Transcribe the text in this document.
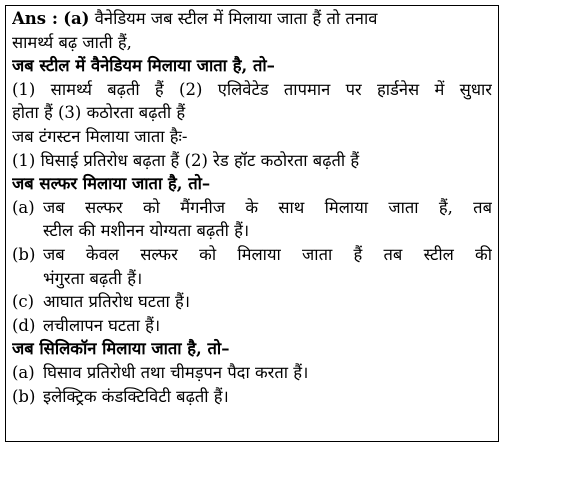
Ans : (a) वैनेडियम जब स्टील में मिलाया जाता हैं तो तनाव
सामर्थ्य बढ़ जाती हैं,
जब स्टील में वैनेडियम मिलाया जाता है, तो–
(1) सामर्थ्य बढ़ती हैं (2) एलिवेटेड तापमान पर हार्डनेस में सुधार
होता हैं (3) कठोरता बढ़ती हैं
जब टंगस्टन मिलाया जाता हैः-
(1) घिसाई प्रतिरोध बढ़ता हैं (2) रेड हॉट कठोरता बढ़ती हैं
जब सल्फर मिलाया जाता है, तो–
(a) जब सल्फर को मैंगनीज के साथ मिलाया जाता हैं, तब
स्टील की मशीनन योग्यता बढ़ती हैं।
(b) जब केवल सल्फर को मिलाया जाता हैं तब स्टील की
भंगुरता बढ़ती हैं।
(c) आघात प्रतिरोध घटता हैं।
(d) लचीलापन घटता हैं।
जब सिलिकॉन मिलाया जाता है, तो–
(a) घिसाव प्रतिरोधी तथा चीमड़पन पैदा करता हैं।
(b) इलेक्ट्रिक कंडक्टिविटी बढ़ती हैं।
